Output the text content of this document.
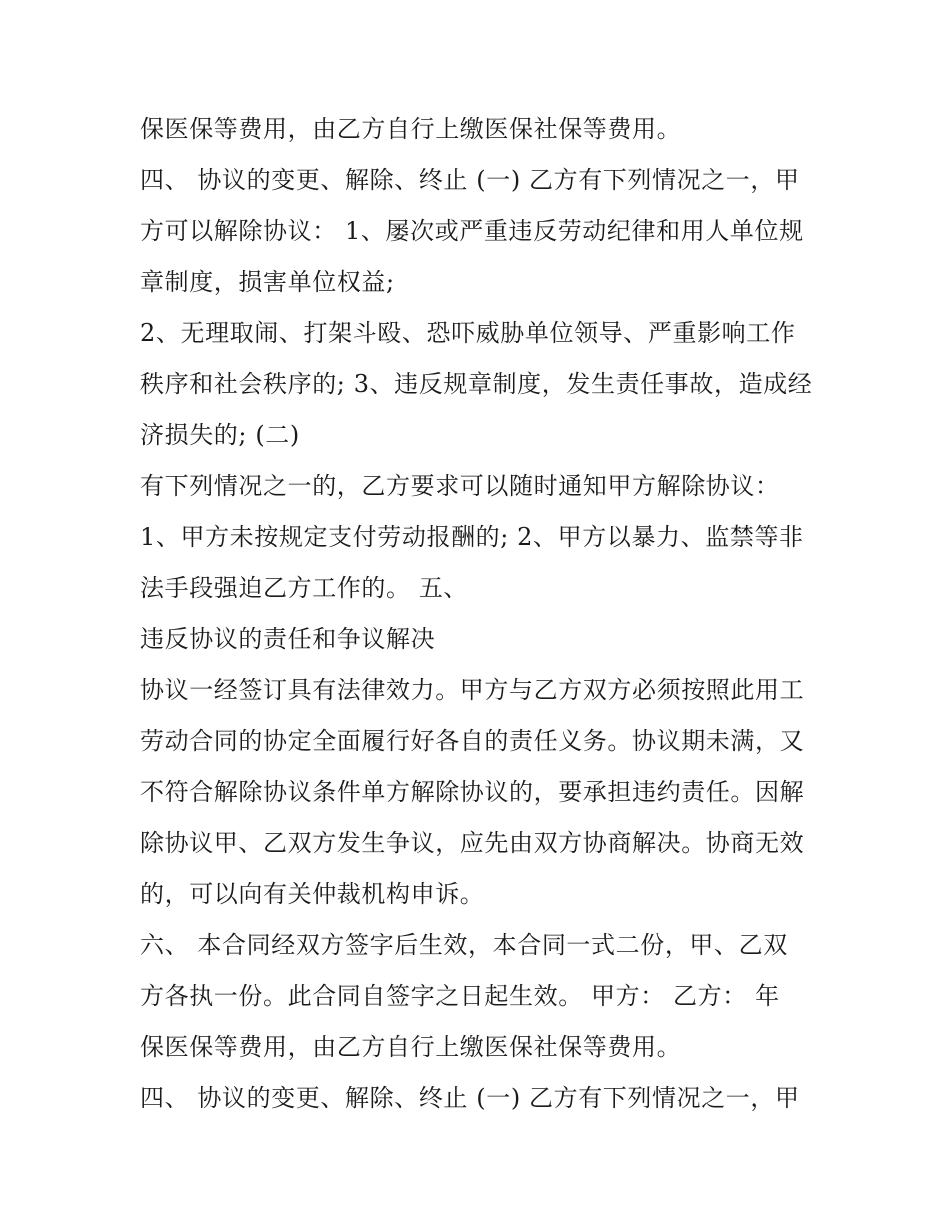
保医保等费用，由乙方自行上缴医保社保等费用。
四、 协议的变更、解除、终止 (一) 乙方有下列情况之一，甲
方可以解除协议： 1、屡次或严重违反劳动纪律和用人单位规
章制度，损害单位权益;
2、无理取闹、打架斗殴、恐吓威胁单位领导、严重影响工作
秩序和社会秩序的; 3、违反规章制度，发生责任事故，造成经
济损失的; (二)
有下列情况之一的，乙方要求可以随时通知甲方解除协议：
1、甲方未按规定支付劳动报酬的; 2、甲方以暴力、监禁等非
法手段强迫乙方工作的。 五、
违反协议的责任和争议解决
协议一经签订具有法律效力。甲方与乙方双方必须按照此用工
劳动合同的协定全面履行好各自的责任义务。协议期未满，又
不符合解除协议条件单方解除协议的，要承担违约责任。因解
除协议甲、乙双方发生争议，应先由双方协商解决。协商无效
的，可以向有关仲裁机构申诉。
六、 本合同经双方签字后生效，本合同一式二份，甲、乙双
方各执一份。此合同自签字之日起生效。 甲方： 乙方： 年
保医保等费用，由乙方自行上缴医保社保等费用。
四、 协议的变更、解除、终止 (一) 乙方有下列情况之一，甲
